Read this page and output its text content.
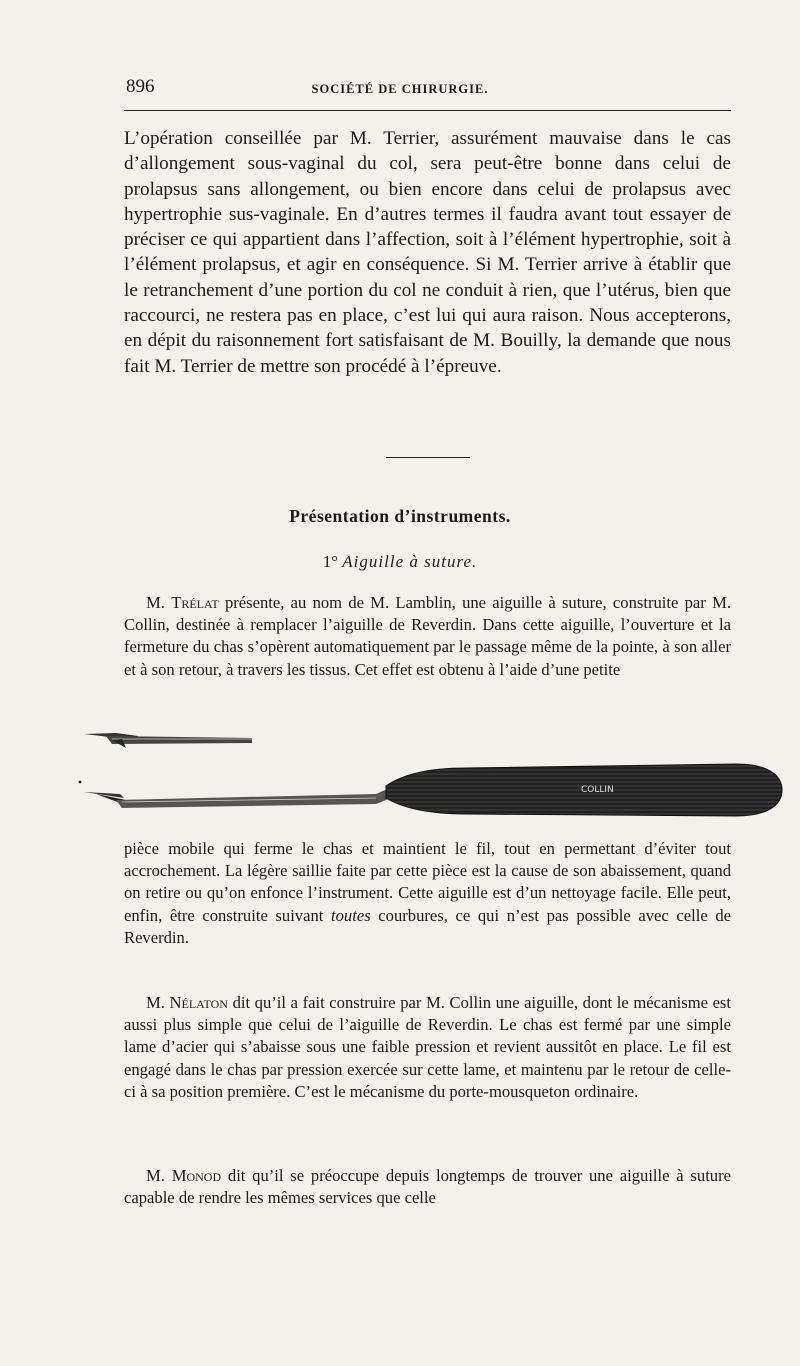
896	SOCIÉTÉ DE CHIRURGIE.

L’opération conseillée par M. Terrier, assurément mauvaise dans le cas d’allongement sous-vaginal du col, sera peut-être bonne dans celui de prolapsus sans allongement, ou bien encore dans celui de prolapsus avec hypertrophie sus-vaginale. En d’autres termes il faudra avant tout essayer de préciser ce qui appartient dans l’affection, soit à l’élément hypertrophie, soit à l’élément prolapsus, et agir en conséquence. Si M. Terrier arrive à établir que le retranchement d’une portion du col ne conduit à rien, que l’utérus, bien que raccourci, ne restera pas en place, c’est lui qui aura raison. Nous accepterons, en dépit du raisonnement fort satisfaisant de M. Bouilly, la demande que nous fait M. Terrier de mettre son procédé à l’épreuve.

Présentation d’instruments.
1° Aiguille à suture.

M. Trélat présente, au nom de M. Lamblin, une aiguille à suture, construite par M. Collin, destinée à remplacer l’aiguille de Reverdin. Dans cette aiguille, l’ouverture et la fermeture du chas s’opèrent automatiquement par le passage même de la pointe, à son aller et à son retour, à travers les tissus. Cet effet est obtenu à l’aide d’une petite

COLLIN

pièce mobile qui ferme le chas et maintient le fil, tout en permettant d’éviter tout accrochement. La légère saillie faite par cette pièce est la cause de son abaissement, quand on retire ou qu’on enfonce l’instrument. Cette aiguille est d’un nettoyage facile. Elle peut, enfin, être construite suivant toutes courbures, ce qui n’est pas possible avec celle de Reverdin.

M. Nélaton dit qu’il a fait construire par M. Collin une aiguille, dont le mécanisme est aussi plus simple que celui de l’aiguille de Reverdin. Le chas est fermé par une simple lame d’acier qui s’abaisse sous une faible pression et revient aussitôt en place. Le fil est engagé dans le chas par pression exercée sur cette lame, et maintenu par le retour de celle-ci à sa position première. C’est le mécanisme du porte-mousqueton ordinaire.

M. Monod dit qu’il se préoccupe depuis longtemps de trouver une aiguille à suture capable de rendre les mêmes services que celle
